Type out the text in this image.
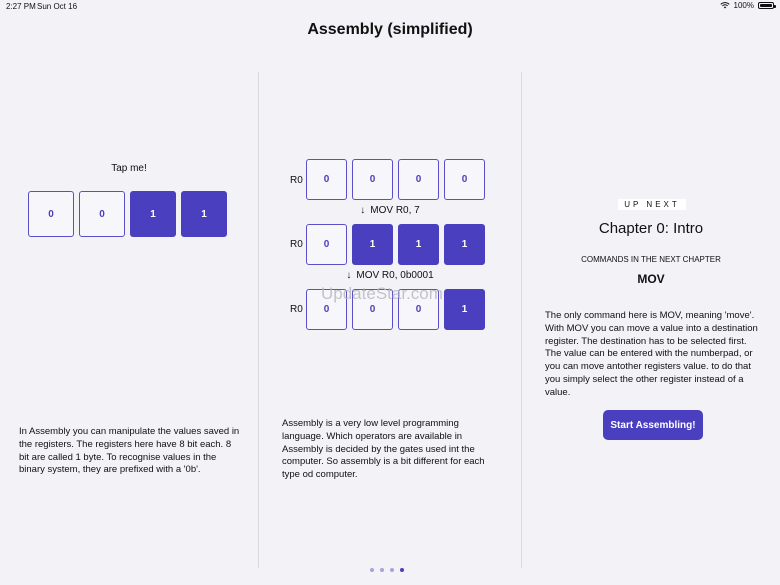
2:27 PM Sun Oct 16	100%
Assembly (simplified)
Tap me!
0	0	1	1
In Assembly you can manipulate the values saved in the registers. The registers here have 8 bit each. 8 bit are called 1 byte. To recognise values in the binary system, they are prefixed with a '0b'.
R0	0	0	0	0
↓ MOV R0, 7
R0	0	1	1	1
↓ MOV R0, 0b0001
R0	0	0	0	1
Assembly is a very low level programming language. Which operators are available in Assembly is decided by the gates used int the computer. So assembly is a bit different for each type od computer.
UpdateStar.com
UP NEXT
Chapter 0: Intro
COMMANDS IN THE NEXT CHAPTER
MOV
The only command here is MOV, meaning 'move'. With MOV you can move a value into a destination register. The destination has to be selected first. The value can be entered with the numberpad, or you can move antother registers value. to do that you simply select the other register instead of a value.
Start Assembling!
